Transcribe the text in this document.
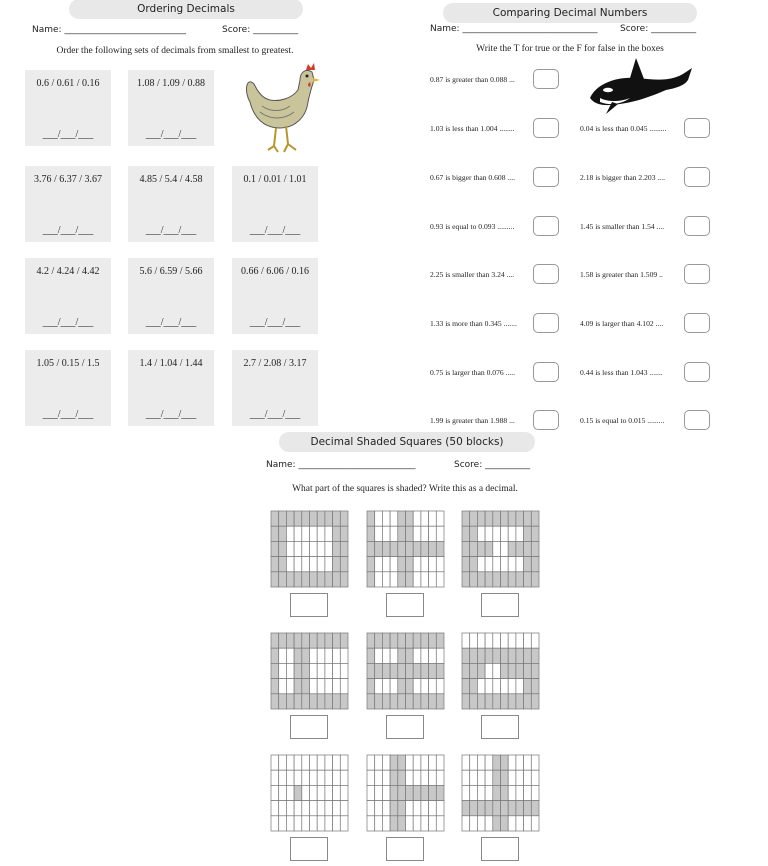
Ordering Decimals
Name: ___________________________	Score: __________
Order the following sets of decimals from smallest to greatest.
0.6 / 0.61 / 0.16
___/___/___
1.08 / 1.09 / 0.88
___/___/___
3.76 / 6.37 / 3.67
___/___/___
4.85 / 5.4 / 4.58
___/___/___
0.1 / 0.01 / 1.01
___/___/___
4.2 / 4.24 / 4.42
___/___/___
5.6 / 6.59 / 5.66
___/___/___
0.66 / 6.06 / 0.16
___/___/___
1.05 / 0.15 / 1.5
___/___/___
1.4 / 1.04 / 1.44
___/___/___
2.7 / 2.08 / 3.17
___/___/___
Comparing Decimal Numbers
Name: ______________________________	Score: __________
Write the T for true or the F for false in the boxes
0.87 is greater than 0.088 ...
1.03 is less than 1.004 ........
0.67 is bigger than 0.608 ....
0.93 is equal to 0.093 .........
2.25 is smaller than 3.24 ....
1.33 is more than 0.345 .......
0.75 is larger than 0.076 .....
1.99 is greater than 1.988 ...
0.04 is less than 0.045 .........
2.18 is bigger than 2.203 ....
1.45 is smaller than 1.54 ....
1.58 is greater than 1.509 ..
4.09 is larger than 4.102 ....
0.44 is less than 1.043 .......
0.15 is equal to 0.015 .........
Decimal Shaded Squares (50 blocks)
Name: __________________________	Score: __________
What part of the squares is shaded? Write this as a decimal.
